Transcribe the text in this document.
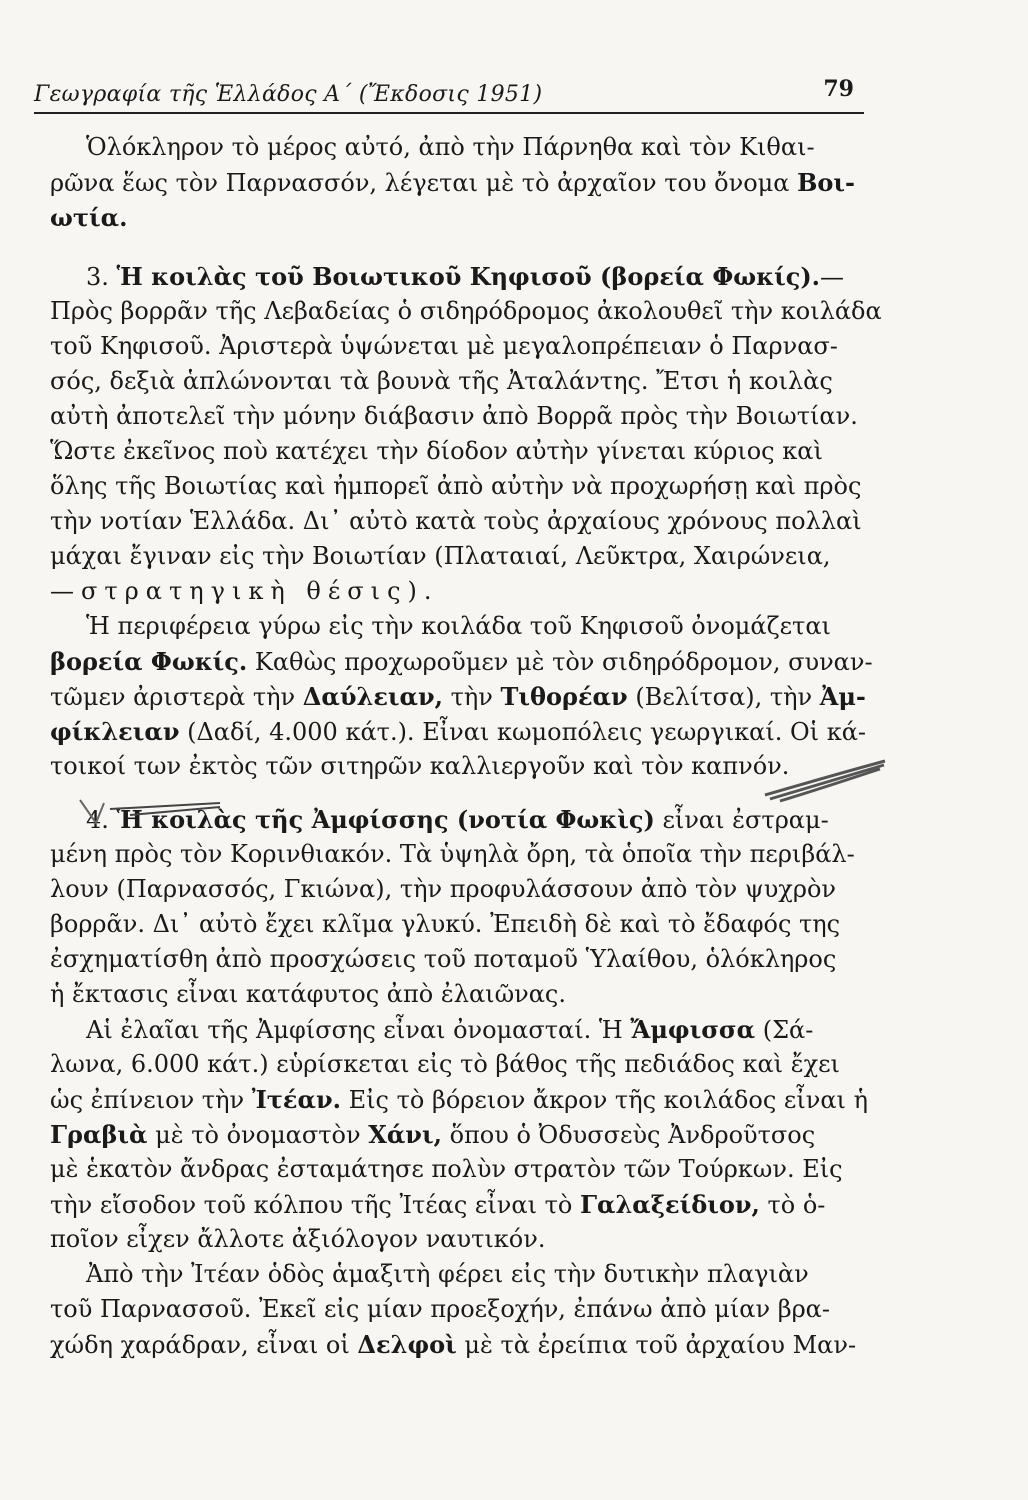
Γεωγραφία τῆς Ἑλλάδος Α΄ (Ἔκδοσις 1951)	79
Ὁλόκληρον τὸ μέρος αὐτό, ἀπὸ τὴν Πάρνηθα καὶ τὸν Κιθαι-
ρῶνα ἕως τὸν Παρνασσόν, λέγεται μὲ τὸ ἀρχαῖον του ὄνομα Βοι-
ωτία.
3. Ἡ κοιλὰς τοῦ Βοιωτικοῦ Κηφισοῦ (βορεία Φωκίς).—
Πρὸς βορρᾶν τῆς Λεβαδείας ὁ σιδηρόδρομος ἀκολουθεῖ τὴν κοιλάδα
τοῦ Κηφισοῦ. Ἀριστερὰ ὑψώνεται μὲ μεγαλοπρέπειαν ὁ Παρνασ-
σός, δεξιὰ ἁπλώνονται τὰ βουνὰ τῆς Ἀταλάντης. Ἔτσι ἡ κοιλὰς
αὐτὴ ἀποτελεῖ τὴν μόνην διάβασιν ἀπὸ Βορρᾶ πρὸς τὴν Βοιωτίαν.
Ὥστε ἐκεῖνος ποὺ κατέχει τὴν δίοδον αὐτὴν γίνεται κύριος καὶ
ὅλης τῆς Βοιωτίας καὶ ἠμπορεῖ ἀπὸ αὐτὴν νὰ προχωρήσῃ καὶ πρὸς
τὴν νοτίαν Ἑλλάδα. Δι᾿ αὐτὸ κατὰ τοὺς ἀρχαίους χρόνους πολλαὶ
μάχαι ἔγιναν εἰς τὴν Βοιωτίαν (Πλαταιαί, Λεῦκτρα, Χαιρώνεια,
—στρατηγικὴ θέσις).
Ἡ περιφέρεια γύρω εἰς τὴν κοιλάδα τοῦ Κηφισοῦ ὀνομάζεται
βορεία Φωκίς. Καθὼς προχωροῦμεν μὲ τὸν σιδηρόδρομον, συναν-
τῶμεν ἀριστερὰ τὴν Δαύλειαν, τὴν Τιθορέαν (Βελίτσα), τὴν Ἀμ-
φίκλειαν (Δαδί, 4.000 κάτ.). Εἶναι κωμοπόλεις γεωργικαί. Οἱ κά-
τοικοί των ἐκτὸς τῶν σιτηρῶν καλλιεργοῦν καὶ τὸν καπνόν.
4. Ἡ κοιλὰς τῆς Ἀμφίσσης (νοτία Φωκὶς) εἶναι ἐστραμ-
μένη πρὸς τὸν Κορινθιακόν. Τὰ ὑψηλὰ ὄρη, τὰ ὁποῖα τὴν περιβάλ-
λουν (Παρνασσός, Γκιώνα), τὴν προφυλάσσουν ἀπὸ τὸν ψυχρὸν
βορρᾶν. Δι᾿ αὐτὸ ἔχει κλῖμα γλυκύ. Ἐπειδὴ δὲ καὶ τὸ ἔδαφός της
ἐσχηματίσθη ἀπὸ προσχώσεις τοῦ ποταμοῦ Ὑλαίθου, ὁλόκληρος
ἡ ἔκτασις εἶναι κατάφυτος ἀπὸ ἐλαιῶνας.
Αἱ ἐλαῖαι τῆς Ἀμφίσσης εἶναι ὀνομασταί. Ἡ Ἄμφισσα (Σά-
λωνα, 6.000 κάτ.) εὑρίσκεται εἰς τὸ βάθος τῆς πεδιάδος καὶ ἔχει
ὡς ἐπίνειον τὴν Ἰτέαν. Εἰς τὸ βόρειον ἄκρον τῆς κοιλάδος εἶναι ἡ
Γραβιὰ μὲ τὸ ὀνομαστὸν Χάνι, ὅπου ὁ Ὀδυσσεὺς Ἀνδροῦτσος
μὲ ἑκατὸν ἄνδρας ἐσταμάτησε πολὺν στρατὸν τῶν Τούρκων. Εἰς
τὴν εἴσοδον τοῦ κόλπου τῆς Ἰτέας εἶναι τὸ Γαλαξείδιον, τὸ ὁ-
ποῖον εἶχεν ἄλλοτε ἀξιόλογον ναυτικόν.
Ἀπὸ τὴν Ἰτέαν ὁδὸς ἁμαξιτὴ φέρει εἰς τὴν δυτικὴν πλαγιὰν
τοῦ Παρνασσοῦ. Ἐκεῖ εἰς μίαν προεξοχήν, ἐπάνω ἀπὸ μίαν βρα-
χώδη χαράδραν, εἶναι οἱ Δελφοὶ μὲ τὰ ἐρείπια τοῦ ἀρχαίου Μαν-
